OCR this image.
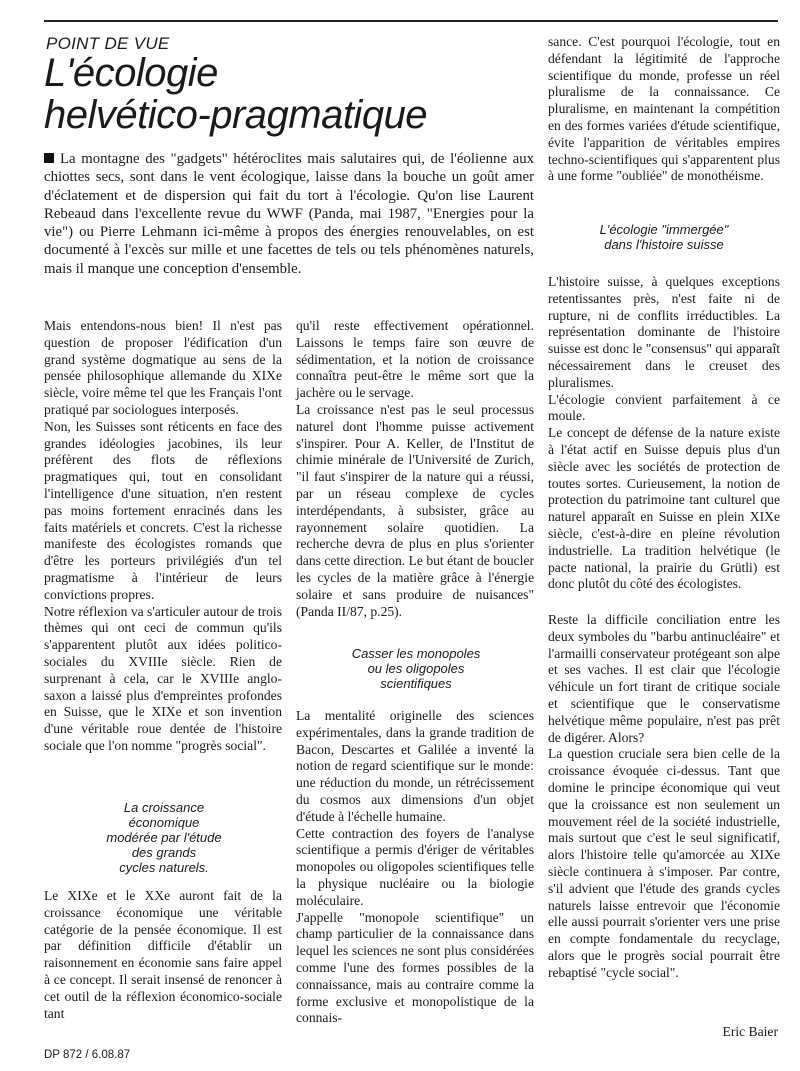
POINT DE VUE
L'écologie
helvético-pragmatique

La montagne des "gadgets" hétéroclites mais salutaires qui, de l'éolienne aux chiottes secs, sont dans le vent écologique, laisse dans la bouche un goût amer d'éclatement et de dispersion qui fait du tort à l'écologie. Qu'on lise Laurent Rebeaud dans l'excellente revue du WWF (Panda, mai 1987, "Energies pour la vie") ou Pierre Lehmann ici-même à propos des énergies renouvelables, on est documenté à l'excès sur mille et une facettes de tels ou tels phénomènes naturels, mais il manque une conception d'ensemble.

Mais entendons-nous bien! Il n'est pas question de proposer l'édification d'un grand système dogmatique au sens de la pensée philosophique allemande du XIXe siècle, voire même tel que les Français l'ont pratiqué par sociologues interposés.

Non, les Suisses sont réticents en face des grandes idéologies jacobines, ils leur préfèrent des flots de réflexions pragmatiques qui, tout en consolidant l'intelligence d'une situation, n'en restent pas moins fortement enracinés dans les faits matériels et concrets. C'est la richesse manifeste des écologistes romands que d'être les porteurs privilégiés d'un tel pragmatisme à l'intérieur de leurs convictions propres.

Notre réflexion va s'articuler autour de trois thèmes qui ont ceci de commun qu'ils s'apparentent plutôt aux idées politico-sociales du XVIIIe siècle. Rien de surprenant à cela, car le XVIIIe anglo-saxon a laissé plus d'empreintes profondes en Suisse, que le XIXe et son invention d'une véritable roue dentée de l'histoire sociale que l'on nomme "progrès social".

La croissance
économique
modérée par l'étude
des grands
cycles naturels.

Le XIXe et le XXe auront fait de la croissance économique une véritable catégorie de la pensée économique. Il est par définition difficile d'établir un raisonnement en économie sans faire appel à ce concept. Il serait insensé de renoncer à cet outil de la réflexion économico-sociale tant

qu'il reste effectivement opérationnel. Laissons le temps faire son œuvre de sédimentation, et la notion de croissance connaîtra peut-être le même sort que la jachère ou le servage.

La croissance n'est pas le seul processus naturel dont l'homme puisse activement s'inspirer. Pour A. Keller, de l'Institut de chimie minérale de l'Université de Zurich, "il faut s'inspirer de la nature qui a réussi, par un réseau complexe de cycles interdépendants, à subsister, grâce au rayonnement solaire quotidien. La recherche devra de plus en plus s'orienter dans cette direction. Le but étant de boucler les cycles de la matière grâce à l'énergie solaire et sans produire de nuisances" (Panda II/87, p.25).

Casser les monopoles
ou les oligopoles
scientifiques

La mentalité originelle des sciences expérimentales, dans la grande tradition de Bacon, Descartes et Galilée a inventé la notion de regard scientifique sur le monde: une réduction du monde, un rétrécissement du cosmos aux dimensions d'un objet d'étude à l'échelle humaine.

Cette contraction des foyers de l'analyse scientifique a permis d'ériger de véritables monopoles ou oligopoles scientifiques telle la physique nucléaire ou la biologie moléculaire.

J'appelle "monopole scientifique" un champ particulier de la connaissance dans lequel les sciences ne sont plus considérées comme l'une des formes possibles de la connaissance, mais au contraire comme la forme exclusive et monopolistique de la connais-

sance. C'est pourquoi l'écologie, tout en défendant la légitimité de l'approche scientifique du monde, professe un réel pluralisme de la connaissance. Ce pluralisme, en maintenant la compétition en des formes variées d'étude scientifique, évite l'apparition de véritables empires techno-scientifiques qui s'apparentent plus à une forme "oubliée" de monothéisme.

L'écologie "immergée"
dans l'histoire suisse

L'histoire suisse, à quelques exceptions retentissantes près, n'est faite ni de rupture, ni de conflits irréductibles. La représentation dominante de l'histoire suisse est donc le "consensus" qui apparaît nécessairement dans le creuset des pluralismes.

L'écologie convient parfaitement à ce moule.

Le concept de défense de la nature existe à l'état actif en Suisse depuis plus d'un siècle avec les sociétés de protection de toutes sortes. Curieusement, la notion de protection du patrimoine tant culturel que naturel apparaît en Suisse en plein XIXe siècle, c'est-à-dire en pleine révolution industrielle. La tradition helvétique (le pacte national, la prairie du Grütli) est donc plutôt du côté des écologistes.

Reste la difficile conciliation entre les deux symboles du "barbu antinucléaire" et l'armailli conservateur protégeant son alpe et ses vaches. Il est clair que l'écologie véhicule un fort tirant de critique sociale et scientifique que le conservatisme helvétique même populaire, n'est pas prêt de digérer. Alors?

La question cruciale sera bien celle de la croissance évoquée ci-dessus. Tant que domine le principe économique qui veut que la croissance est non seulement un mouvement réel de la société industrielle, mais surtout que c'est le seul significatif, alors l'histoire telle qu'amorcée au XIXe siècle continuera à s'imposer. Par contre, s'il advient que l'étude des grands cycles naturels laisse entrevoir que l'économie elle aussi pourrait s'orienter vers une prise en compte fondamentale du recyclage, alors que le progrès social pourrait être rebaptisé "cycle social".

Eric Baier
DP 872 / 6.08.87
